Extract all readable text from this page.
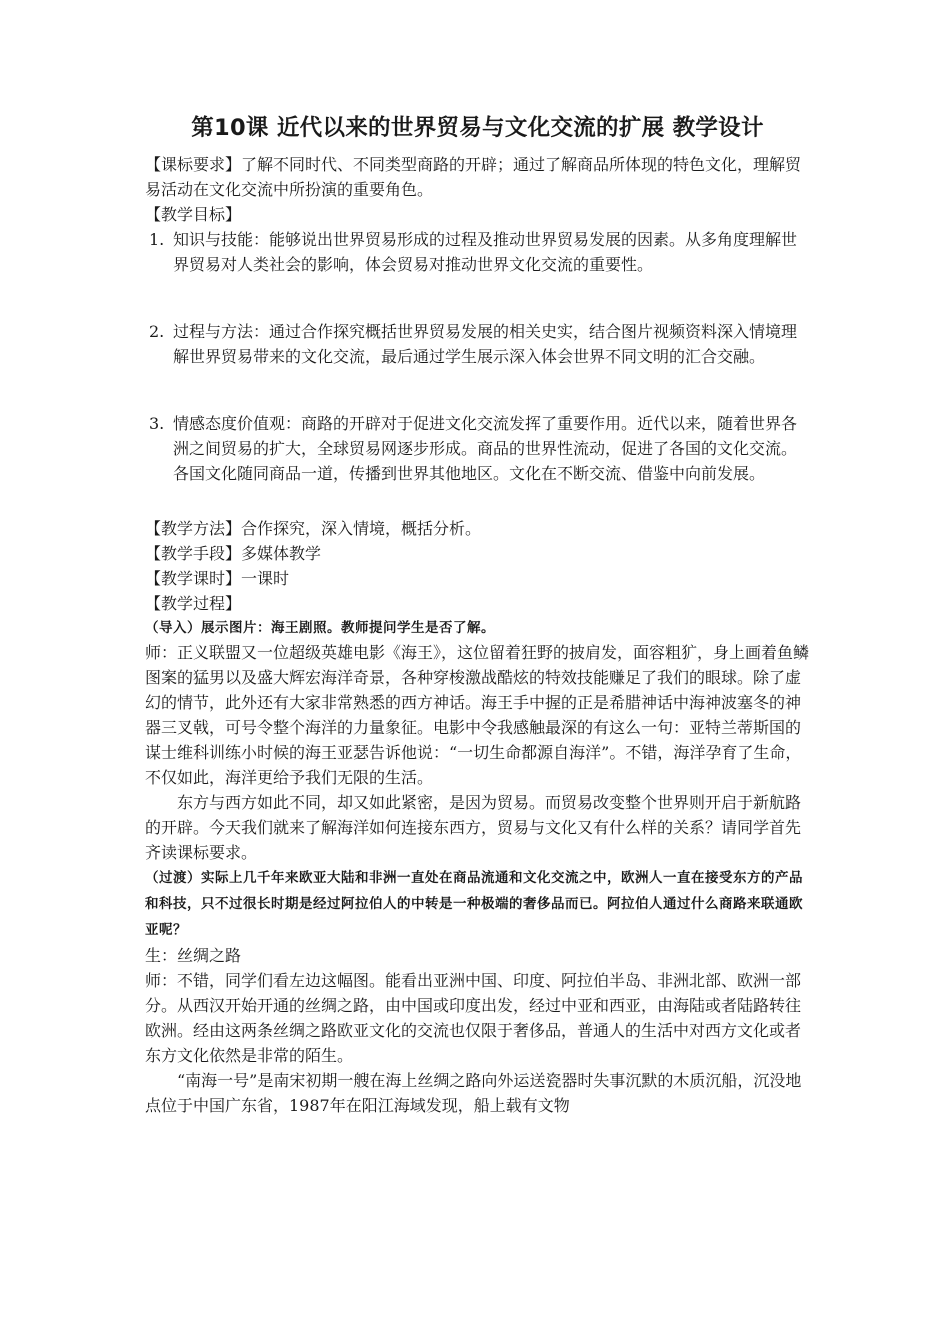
第10课 近代以来的世界贸易与文化交流的扩展 教学设计

【课标要求】了解不同时代、不同类型商路的开辟；通过了解商品所体现的特色文化，理解贸易活动在文化交流中所扮演的重要角色。

【教学目标】

1. 知识与技能：能够说出世界贸易形成的过程及推动世界贸易发展的因素。从多角度理解世界贸易对人类社会的影响，体会贸易对推动世界文化交流的重要性。
2. 过程与方法：通过合作探究概括世界贸易发展的相关史实，结合图片视频资料深入情境理解世界贸易带来的文化交流，最后通过学生展示深入体会世界不同文明的汇合交融。
3. 情感态度价值观：商路的开辟对于促进文化交流发挥了重要作用。近代以来，随着世界各洲之间贸易的扩大，全球贸易网逐步形成。商品的世界性流动，促进了各国的文化交流。各国文化随同商品一道，传播到世界其他地区。文化在不断交流、借鉴中向前发展。

【教学方法】合作探究，深入情境，概括分析。

【教学手段】多媒体教学

【教学课时】一课时

【教学过程】

（导入）展示图片：海王剧照。教师提问学生是否了解。

师：正义联盟又一位超级英雄电影《海王》，这位留着狂野的披肩发，面容粗犷，身上画着鱼鳞图案的猛男以及盛大辉宏海洋奇景，各种穿梭激战酷炫的特效技能赚足了我们的眼球。除了虚幻的情节，此外还有大家非常熟悉的西方神话。海王手中握的正是希腊神话中海神波塞冬的神器三叉戟，可号令整个海洋的力量象征。电影中令我感触最深的有这么一句：亚特兰蒂斯国的谋士维科训练小时候的海王亚瑟告诉他说：“一切生命都源自海洋”。不错，海洋孕育了生命，不仅如此，海洋更给予我们无限的生活。

东方与西方如此不同，却又如此紧密，是因为贸易。而贸易改变整个世界则开启于新航路的开辟。今天我们就来了解海洋如何连接东西方，贸易与文化又有什么样的关系？请同学首先齐读课标要求。

（过渡）实际上几千年来欧亚大陆和非洲一直处在商品流通和文化交流之中，欧洲人一直在接受东方的产品和科技，只不过很长时期是经过阿拉伯人的中转是一种极端的奢侈品而已。阿拉伯人通过什么商路来联通欧亚呢？

生：丝绸之路

师：不错，同学们看左边这幅图。能看出亚洲中国、印度、阿拉伯半岛、非洲北部、欧洲一部分。从西汉开始开通的丝绸之路，由中国或印度出发，经过中亚和西亚，由海陆或者陆路转往欧洲。经由这两条丝绸之路欧亚文化的交流也仅限于奢侈品，普通人的生活中对西方文化或者东方文化依然是非常的陌生。

“南海一号”是南宋初期一艘在海上丝绸之路向外运送瓷器时失事沉默的木质沉船，沉没地点位于中国广东省，1987年在阳江海域发现，船上载有文物
